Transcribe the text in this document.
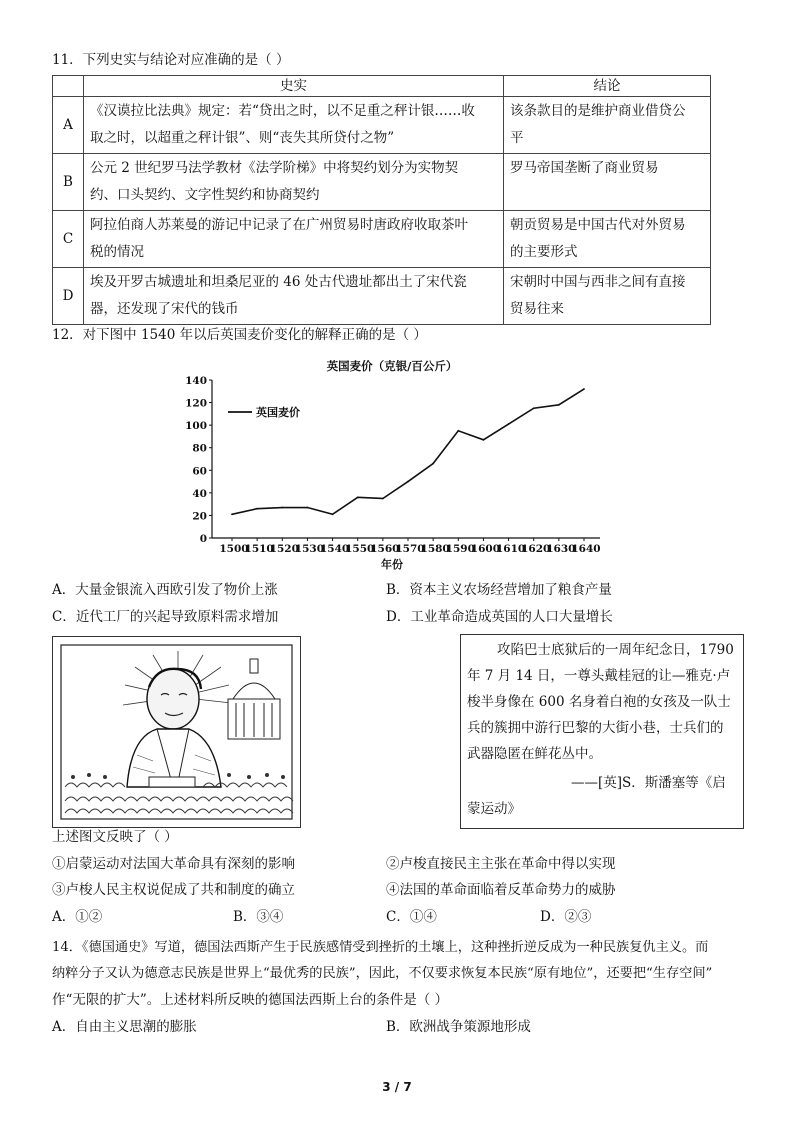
11．下列史实与结论对应准确的是（ ）
	史实	结论
A	《汉谟拉比法典》规定：若“贷出之时，以不足重之秤计银……收
取之时，以超重之秤计银”、则“丧失其所贷付之物”	该条款目的是维护商业借贷公
平
B	公元 2 世纪罗马法学教材《法学阶梯》中将契约划分为实物契
约、口头契约、文字性契约和协商契约	罗马帝国垄断了商业贸易

C	阿拉伯商人苏莱曼的游记中记录了在广州贸易时唐政府收取茶叶
税的情况	朝贡贸易是中国古代对外贸易
的主要形式
D	埃及开罗古城遗址和坦桑尼亚的 46 处古代遗址都出土了宋代瓷
器，还发现了宋代的钱币	宋朝时中国与西非之间有直接
贸易往来
12．对下图中 1540 年以后英国麦价变化的解释正确的是（ ）
英国麦价（克银/百公斤）
0
20
40
60
80
100
120
140
1500
1510
1520
1530
1540
1550
1560
1570
1580
1590
1600
1610
1620
1630
1640
英国麦价
年份
A．大量金银流入西欧引发了物价上涨	B．资本主义农场经营增加了粮食产量
C．近代工厂的兴起导致原料需求增加	D．工业革命造成英国的人口大量增长
攻陷巴士底狱后的一周年纪念日，1790
年 7 月 14 日，一尊头戴桂冠的让—雅克·卢
梭半身像在 600 名身着白袍的女孩及一队士
兵的簇拥中游行巴黎的大街小巷，士兵们的
武器隐匿在鲜花丛中。
——[英]S．斯潘塞等《启
蒙运动》
上述图文反映了（ ）
①启蒙运动对法国大革命具有深刻的影响	②卢梭直接民主主张在革命中得以实现
③卢梭人民主权说促成了共和制度的确立	④法国的革命面临着反革命势力的威胁
A．①②	B．③④	C．①④	D．②③
14．《德国通史》写道，德国法西斯产生于民族感情受到挫折的土壤上，这种挫折逆反成为一种民族复仇主义。而
纳粹分子又认为德意志民族是世界上“最优秀的民族”，因此，不仅要求恢复本民族“原有地位”，还要把“生存空间”
作“无限的扩大”。上述材料所反映的德国法西斯上台的条件是（ ）
A．自由主义思潮的膨胀	B．欧洲战争策源地形成
3 / 7
